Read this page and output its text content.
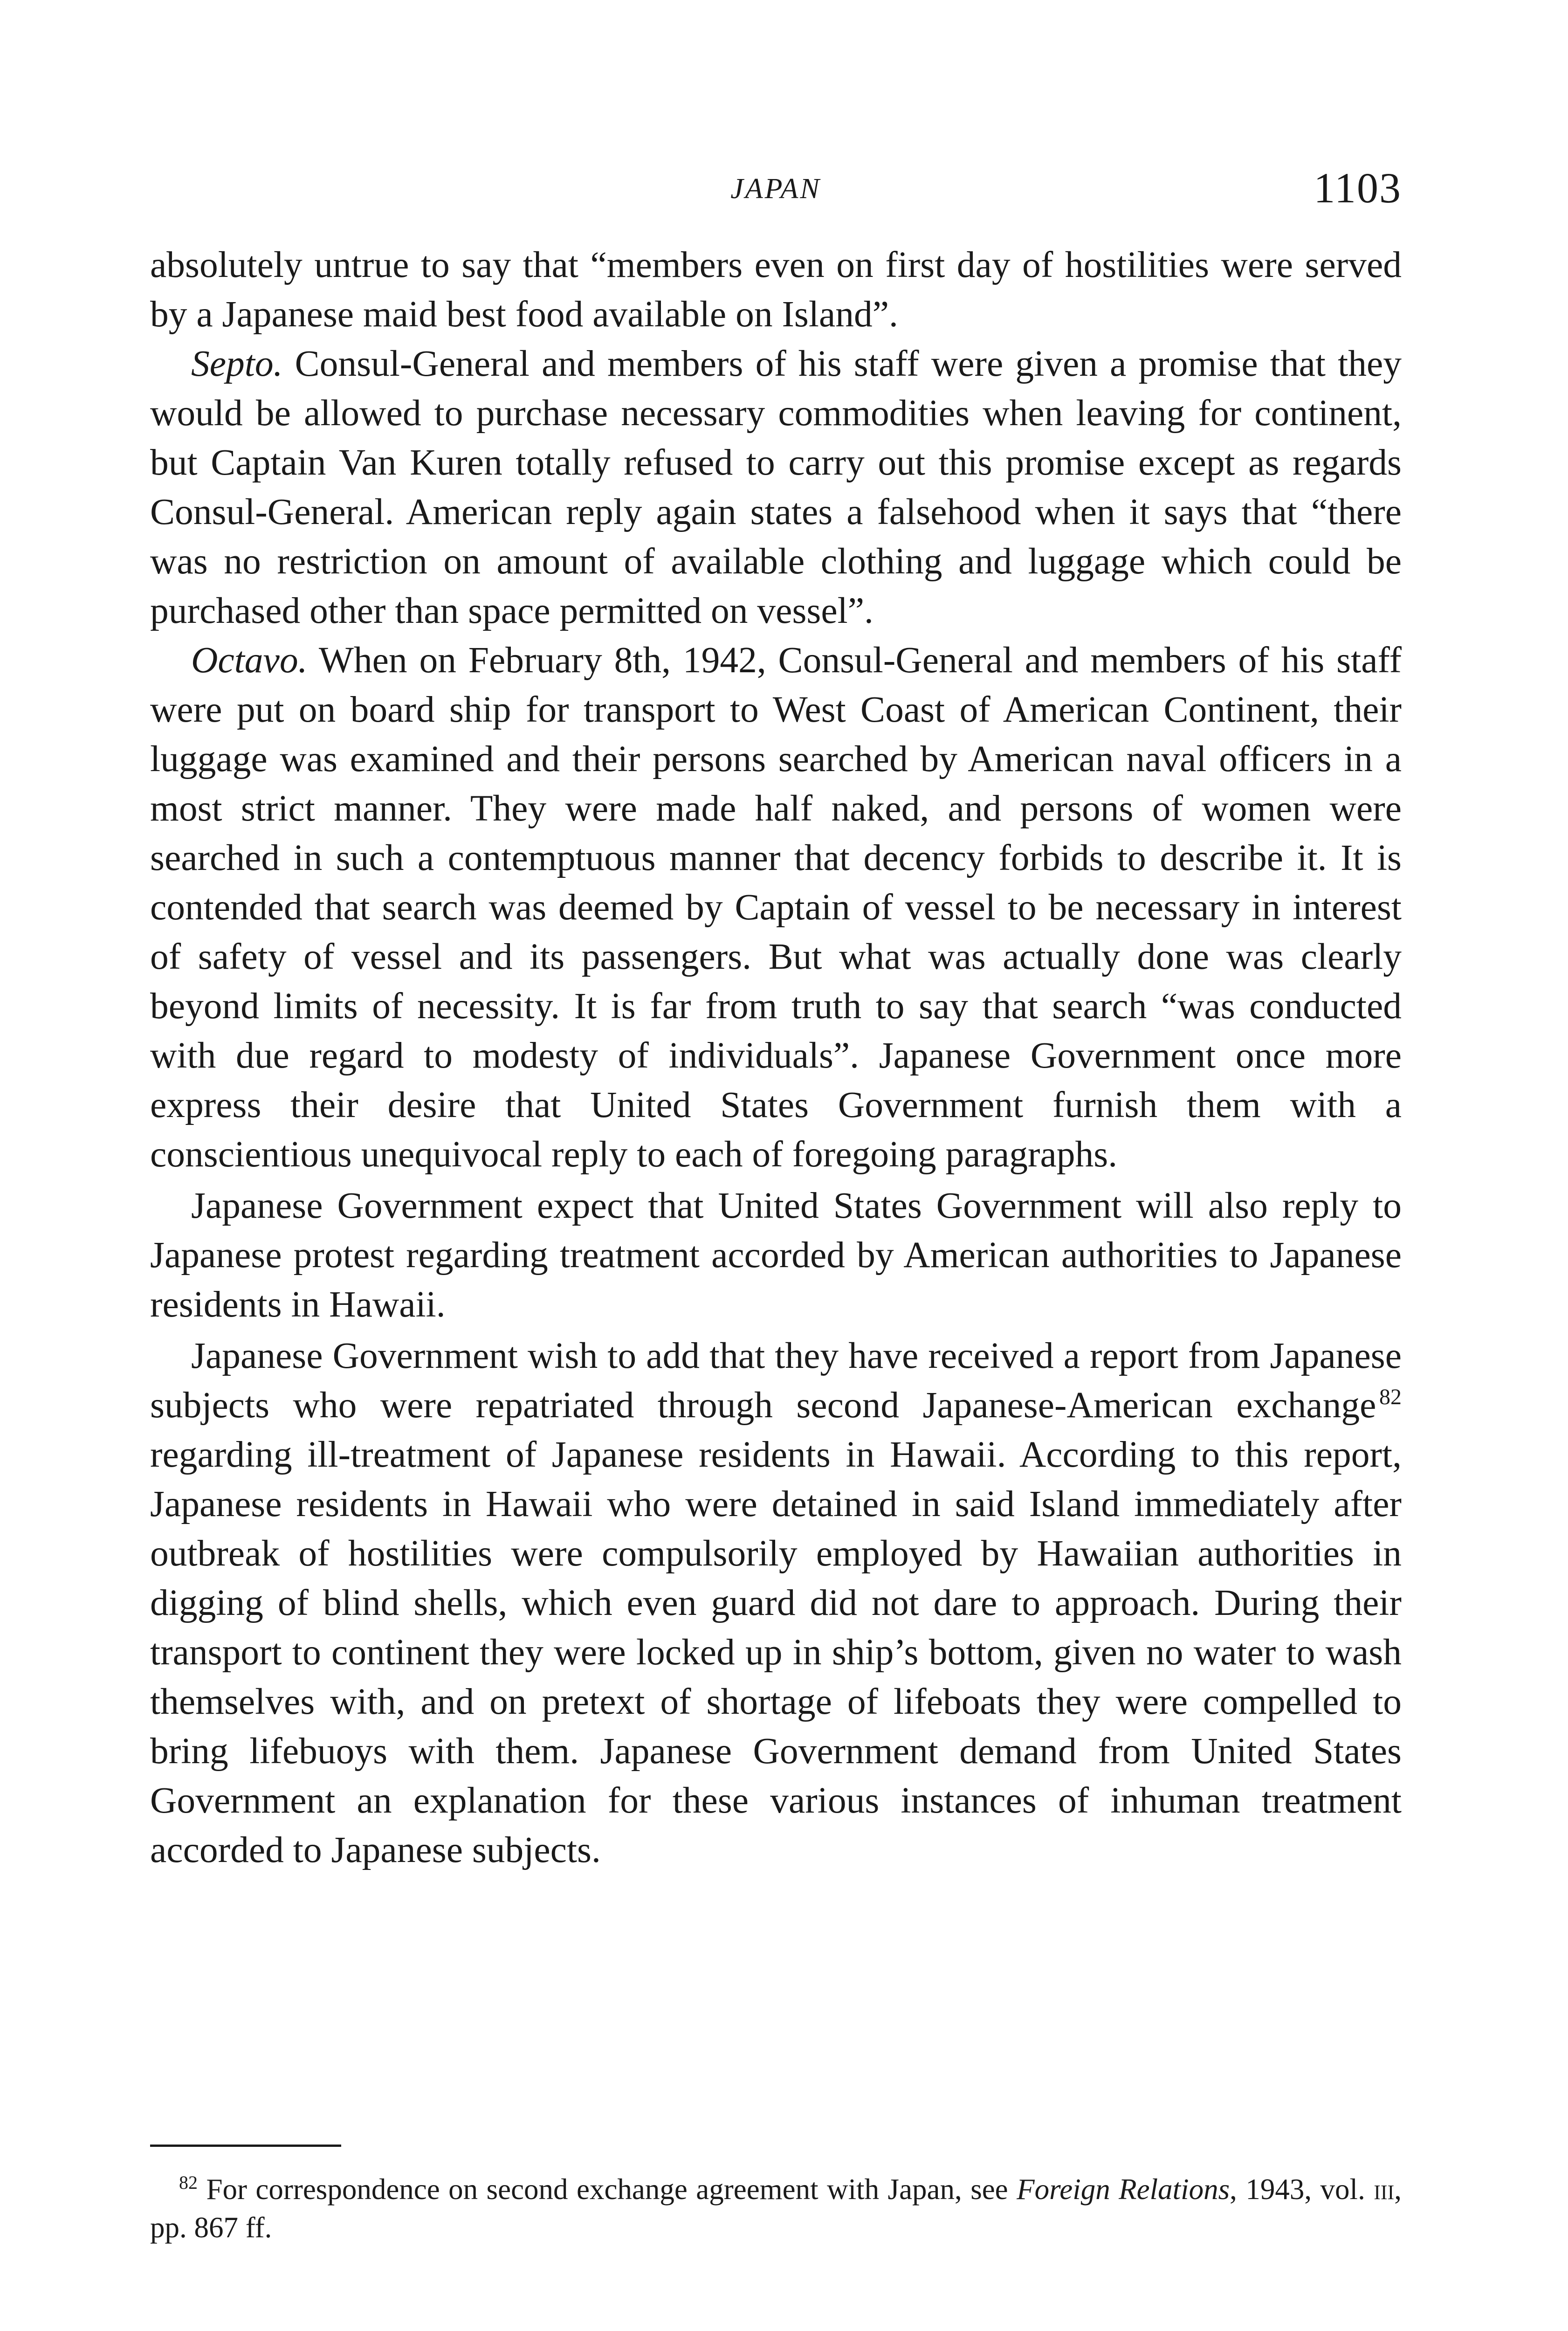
JAPAN	1103

absolutely untrue to say that “members even on first day of hostilities were served by a Japanese maid best food available on Island”.

Septo. Consul-General and members of his staff were given a promise that they would be allowed to purchase necessary commodities when leaving for continent, but Captain Van Kuren totally refused to carry out this promise except as regards Consul-General. American reply again states a falsehood when it says that “there was no restriction on amount of available clothing and luggage which could be purchased other than space permitted on vessel”.

Octavo. When on February 8th, 1942, Consul-General and members of his staff were put on board ship for transport to West Coast of American Continent, their luggage was examined and their persons searched by American naval officers in a most strict manner. They were made half naked, and persons of women were searched in such a contemptuous manner that decency forbids to describe it. It is contended that search was deemed by Captain of vessel to be necessary in interest of safety of vessel and its passengers. But what was actually done was clearly beyond limits of necessity. It is far from truth to say that search “was conducted with due regard to modesty of individuals”. Japanese Government once more express their desire that United States Government furnish them with a conscientious unequivocal reply to each of foregoing paragraphs.

Japanese Government expect that United States Government will also reply to Japanese protest regarding treatment accorded by American authorities to Japanese residents in Hawaii.

Japanese Government wish to add that they have received a report from Japanese subjects who were repatriated through second Japanese-American exchange  $^{82}$ regarding ill-treatment of Japanese residents in Hawaii. According to this report, Japanese residents in Hawaii who were detained in said Island immediately after outbreak of hostilities were compulsorily employed by Hawaiian authorities in digging of blind shells, which even guard did not dare to approach. During their transport to continent they were locked up in ship’s bottom, given no water to wash themselves with, and on pretext of shortage of lifeboats they were compelled to bring lifebuoys with them. Japanese Government demand from United States Government an explanation for these various instances of inhuman treatment accorded to Japanese subjects.

$^{82}$ For correspondence on second exchange agreement with Japan, see Foreign Relations, 1943, vol. iii, pp. 867 ff.
